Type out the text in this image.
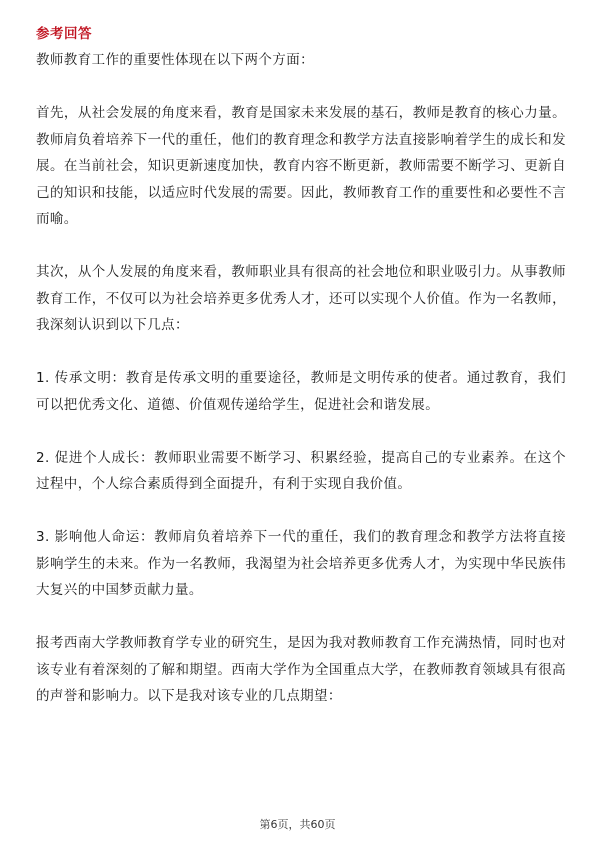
参考回答

教师教育工作的重要性体现在以下两个方面：

首先，从社会发展的角度来看，教育是国家未来发展的基石，教师是教育的核心力量。教师肩负着培养下一代的重任，他们的教育理念和教学方法直接影响着学生的成长和发展。在当前社会，知识更新速度加快，教育内容不断更新，教师需要不断学习、更新自己的知识和技能，以适应时代发展的需要。因此，教师教育工作的重要性和必要性不言而喻。

其次，从个人发展的角度来看，教师职业具有很高的社会地位和职业吸引力。从事教师教育工作，不仅可以为社会培养更多优秀人才，还可以实现个人价值。作为一名教师，我深刻认识到以下几点：

1. 传承文明：教育是传承文明的重要途径，教师是文明传承的使者。通过教育，我们可以把优秀文化、道德、价值观传递给学生，促进社会和谐发展。

2. 促进个人成长：教师职业需要不断学习、积累经验，提高自己的专业素养。在这个过程中，个人综合素质得到全面提升，有利于实现自我价值。

3. 影响他人命运：教师肩负着培养下一代的重任，我们的教育理念和教学方法将直接影响学生的未来。作为一名教师，我渴望为社会培养更多优秀人才，为实现中华民族伟大复兴的中国梦贡献力量。

报考西南大学教师教育学专业的研究生，是因为我对教师教育工作充满热情，同时也对该专业有着深刻的了解和期望。西南大学作为全国重点大学，在教师教育领域具有很高的声誉和影响力。以下是我对该专业的几点期望：

第6页，共60页
